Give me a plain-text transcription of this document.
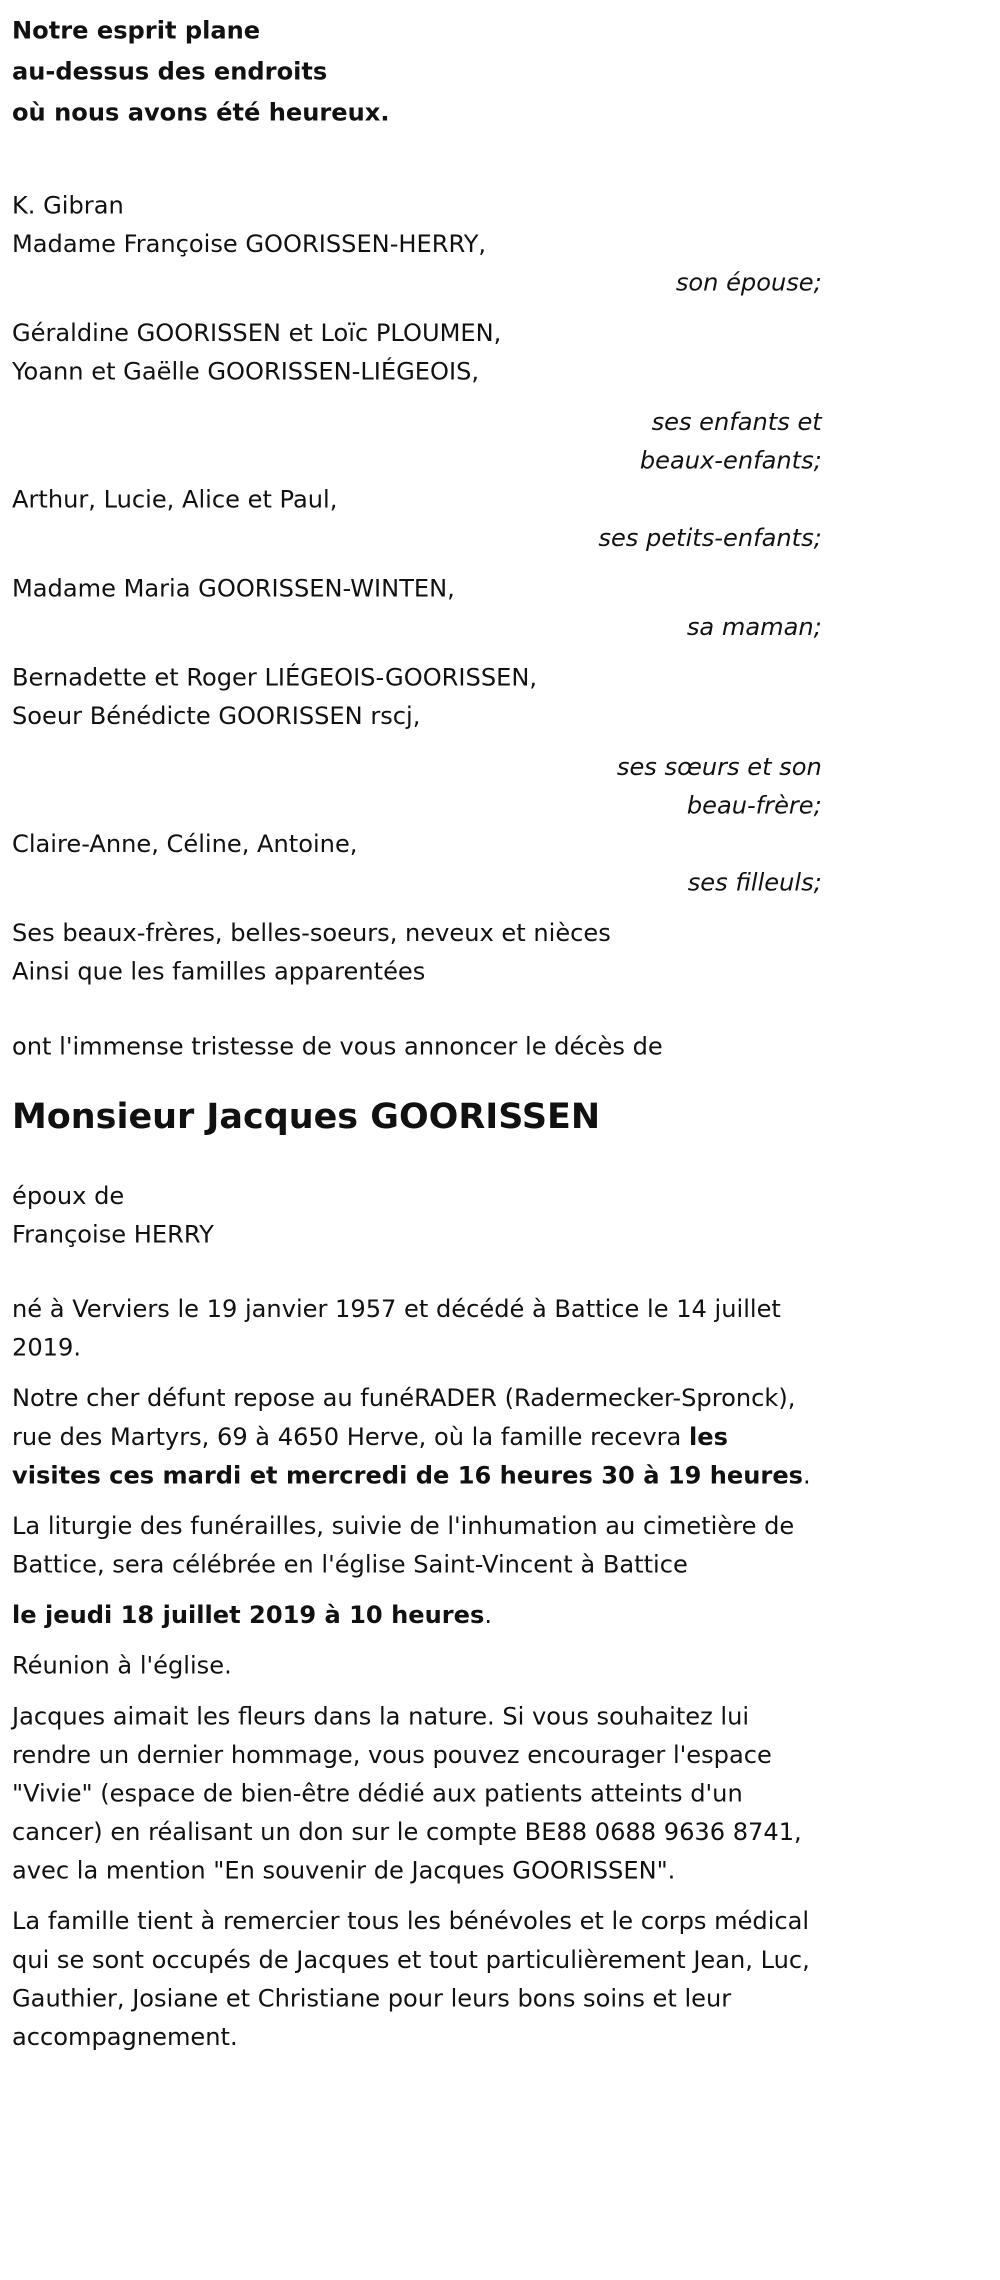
Notre esprit plane
au-dessus des endroits
où nous avons été heureux.
K. Gibran
Madame Françoise GOORISSEN-HERRY,
son épouse;
Géraldine GOORISSEN et Loïc PLOUMEN,
Yoann et Gaëlle GOORISSEN-LIÉGEOIS,
ses enfants et
beaux-enfants;
Arthur, Lucie, Alice et Paul,
ses petits-enfants;
Madame Maria GOORISSEN-WINTEN,
sa maman;
Bernadette et Roger LIÉGEOIS-GOORISSEN,
Soeur Bénédicte GOORISSEN rscj,
ses sœurs et son
beau-frère;
Claire-Anne, Céline, Antoine,
ses filleuls;
Ses beaux-frères, belles-soeurs, neveux et nièces
Ainsi que les familles apparentées
ont l'immense tristesse de vous annoncer le décès de
Monsieur Jacques GOORISSEN
époux de
Françoise HERRY
né à Verviers le 19 janvier 1957 et décédé à Battice le 14 juillet 2019.
Notre cher défunt repose au funéRADER (Radermecker-Spronck), rue des Martyrs, 69 à 4650 Herve, où la famille recevra les visites ces mardi et mercredi de 16 heures 30 à 19 heures.
La liturgie des funérailles, suivie de l'inhumation au cimetière de Battice, sera célébrée en l'église Saint-Vincent à Battice
le jeudi 18 juillet 2019 à 10 heures.
Réunion à l'église.
Jacques aimait les fleurs dans la nature. Si vous souhaitez lui rendre un dernier hommage, vous pouvez encourager l'espace "Vivie" (espace de bien-être dédié aux patients atteints d'un cancer) en réalisant un don sur le compte BE88 0688 9636 8741, avec la mention "En souvenir de Jacques GOORISSEN".
La famille tient à remercier tous les bénévoles et le corps médical qui se sont occupés de Jacques et tout particulièrement Jean, Luc, Gauthier, Josiane et Christiane pour leurs bons soins et leur accompagnement.
